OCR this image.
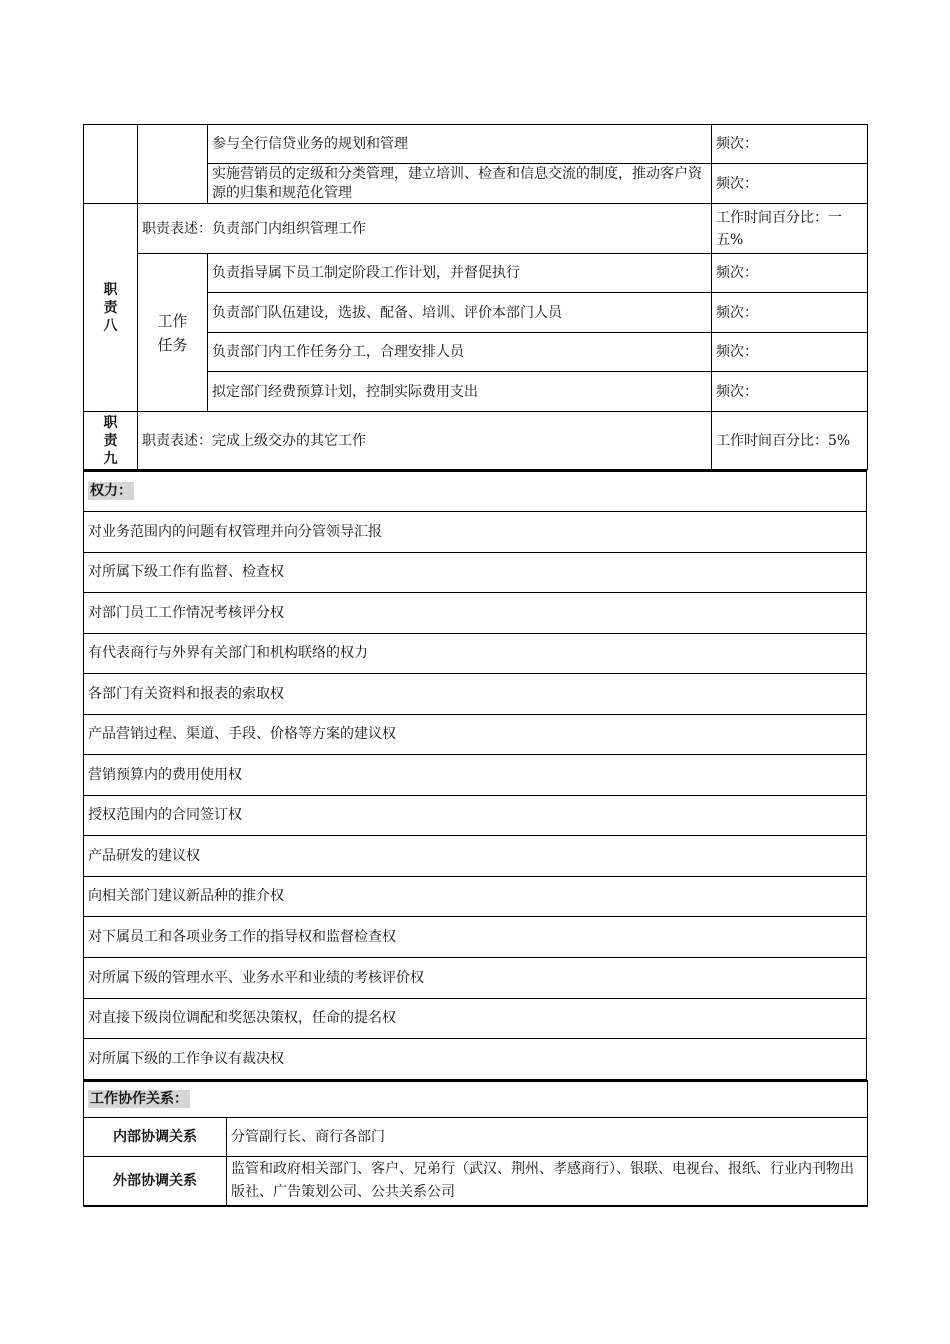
		参与全行信贷业务的规划和管理	频次：
		实施营销员的定级和分类管理，建立培训、检查和信息交流的制度，推动客户资源的归集和规范化管理	频次：

职
责
八	职责表述：负责部门内组织管理工作		工作时间百分比：一五%

	工作
任务	负责指导属下员工制定阶段工作计划，并督促执行	频次：
		负责部门队伍建设，选拔、配备、培训、评价本部门人员	频次：
		负责部门内工作任务分工，合理安排人员	频次：
		拟定部门经费预算计划，控制实际费用支出	频次：

职
责
九	职责表述：完成上级交办的其它工作		工作时间百分比：5%
权力：
对业务范围内的问题有权管理并向分管领导汇报
对所属下级工作有监督、检查权
对部门员工工作情况考核评分权
有代表商行与外界有关部门和机构联络的权力
各部门有关资料和报表的索取权
产品营销过程、渠道、手段、价格等方案的建议权
营销预算内的费用使用权
授权范围内的合同签订权
产品研发的建议权
向相关部门建议新品种的推介权
对下属员工和各项业务工作的指导权和监督检查权
对所属下级的管理水平、业务水平和业绩的考核评价权
对直接下级岗位调配和奖惩决策权，任命的提名权
对所属下级的工作争议有裁决权
工作协作关系：	
内部协调关系	分管副行长、商行各部门
外部协调关系	监管和政府相关部门、客户、兄弟行（武汉、荆州、孝感商行）、银联、电视台、报纸、行业内刊物出版社、广告策划公司、公共关系公司
